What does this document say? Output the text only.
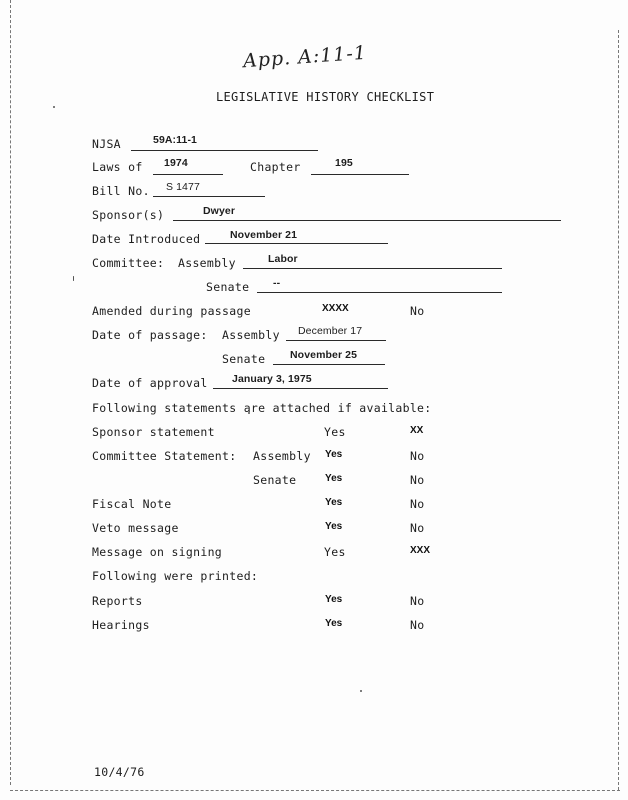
App. A:11-1
LEGISLATIVE HISTORY CHECKLIST
NJSA	59A:11-1
Laws of 1974	Chapter	195
Bill No. S 1477
Sponsor(s)	Dwyer
Date Introduced	November 21
Committee: Assembly	Labor
Senate --
Amended during passage	XXXX	No
Date of passage: Assembly December 17
Senate November 25
Date of approval January 3, 1975
Following statements are attached if available:
Sponsor statement	Yes	XX
Committee Statement: Assembly Yes	No
Senate	Yes	No
Fiscal Note	Yes	No
Veto message	Yes	No
Message on signing	Yes	XXX
Following were printed:
Reports	Yes	No
Hearings	Yes	No
10/4/76
